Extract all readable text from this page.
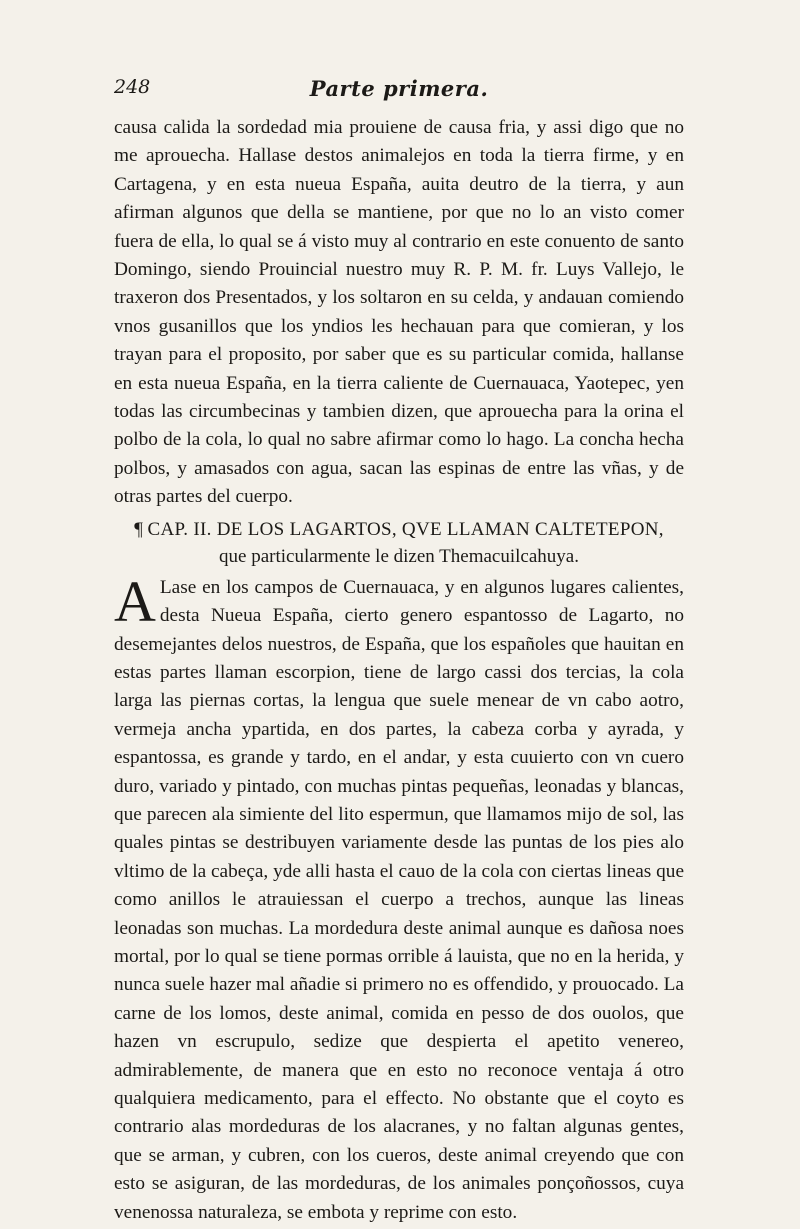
248	Parte primera.

causa calida la sordedad mia prouiene de causa fria, y assi digo que no me aprouecha. Hallase destos animalejos en toda la tierra firme, y en Cartagena, y en esta nueua España, auita deutro de la tierra, y aun afirman algunos que della se mantiene, por que no lo an visto comer fuera de ella, lo qual se á visto muy al contrario en este conuento de santo Domingo, siendo Prouincial nuestro muy R. P. M. fr. Luys Vallejo, le traxeron dos Presentados, y los soltaron en su celda, y andauan comiendo vnos gusanillos que los yndios les hechauan para que comieran, y los trayan para el proposito, por saber que es su particular comida, hallanse en esta nueua España, en la tierra caliente de Cuernauaca, Yaotepec, yen todas las circumbecinas y tambien dizen, que aprouecha para la orina el polbo de la cola, lo qual no sabre afirmar como lo hago. La concha hecha polbos, y amasados con agua, sacan las espinas de entre las vñas, y de otras partes del cuerpo.

¶ CAP. II. DE LOS LAGARTOS, QVE LLAMAN CALTETEPON,
que particularmente le dizen Themacuilcahuya.

A Lase en los campos de Cuernauaca, y en algunos lugares calientes, desta Nueua España, cierto genero espantosso de Lagarto, no desemejantes delos nuestros, de España, que los españoles que hauitan en estas partes llaman escorpion, tiene de largo cassi dos tercias, la cola larga las piernas cortas, la lengua que suele menear de vn cabo aotro, vermeja ancha ypartida, en dos partes, la cabeza corba y ayrada, y espantossa, es grande y tardo, en el andar, y esta cuuierto con vn cuero duro, variado y pintado, con muchas pintas pequeñas, leonadas y blancas, que parecen ala simiente del lito espermun, que llamamos mijo de sol, las quales pintas se destribuyen variamente desde las puntas de los pies alo vltimo de la cabeça, yde alli hasta el cauo de la cola con ciertas lineas que como anillos le atrauiessan el cuerpo a trechos, aunque las lineas leonadas son muchas. La mordedura deste animal aunque es dañosa noes mortal, por lo qual se tiene pormas orrible á lauista, que no en la herida, y nunca suele hazer mal añadie si primero no es offendido, y prouocado. La carne de los lomos, deste animal, comida en pesso de dos ouolos, que hazen vn escrupulo, sedize que despierta el apetito venereo, admirablemente, de manera que en esto no reconoce ventaja á otro qualquiera medicamento, para el effecto. No obstante que el coyto es contrario alas mordeduras de los alacranes, y no faltan algunas gentes, que se arman, y cubren, con los cueros, deste animal creyendo que con esto se asiguran, de las mordeduras, de los animales ponçoñossos, cuya venenossa naturaleza, se embota y reprime con esto.
